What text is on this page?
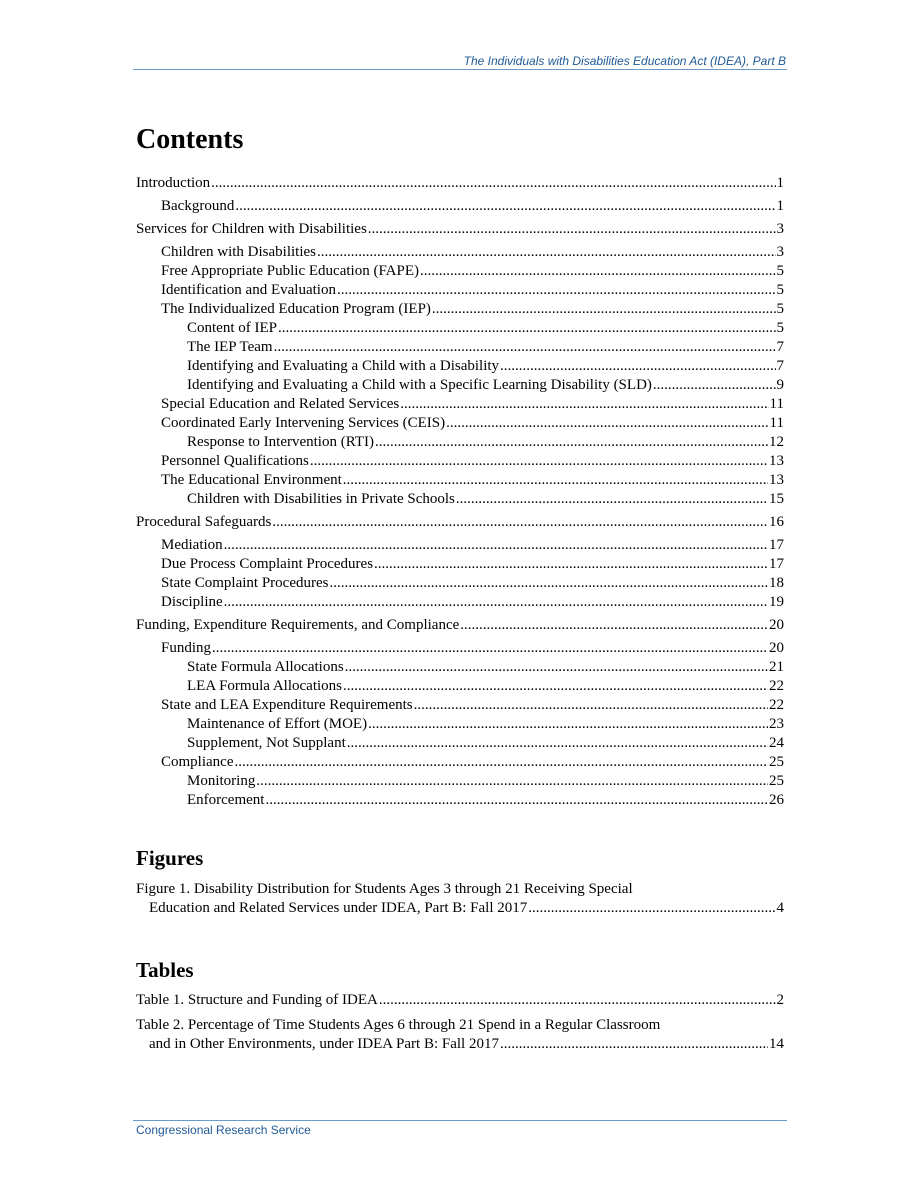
The Individuals with Disabilities Education Act (IDEA), Part B
Contents
Introduction .....	1
Background .....	1
Services for Children with Disabilities .....	3
Children with Disabilities .....	3
Free Appropriate Public Education (FAPE) .....	5
Identification and Evaluation .....	5
The Individualized Education Program (IEP) .....	5
Content of IEP .....	5
The IEP Team .....	7
Identifying and Evaluating a Child with a Disability .....	7
Identifying and Evaluating a Child with a Specific Learning Disability (SLD) .....	9
Special Education and Related Services .....	11
Coordinated Early Intervening Services (CEIS) .....	11
Response to Intervention (RTI) .....	12
Personnel Qualifications .....	13
The Educational Environment .....	13
Children with Disabilities in Private Schools .....	15
Procedural Safeguards .....	16
Mediation .....	17
Due Process Complaint Procedures .....	17
State Complaint Procedures .....	18
Discipline .....	19
Funding, Expenditure Requirements, and Compliance .....	20
Funding .....	20
State Formula Allocations .....	21
LEA Formula Allocations .....	22
State and LEA Expenditure Requirements .....	22
Maintenance of Effort (MOE) .....	23
Supplement, Not Supplant .....	24
Compliance .....	25
Monitoring .....	25
Enforcement .....	26
Figures
Figure 1. Disability Distribution for Students Ages 3 through 21 Receiving Special
Education and Related Services under IDEA, Part B: Fall 2017 .....	4
Tables
Table 1. Structure and Funding of IDEA .....	2
Table 2. Percentage of Time Students Ages 6 through 21 Spend in a Regular Classroom
and in Other Environments, under IDEA Part B: Fall 2017 .....	14
Congressional Research Service
